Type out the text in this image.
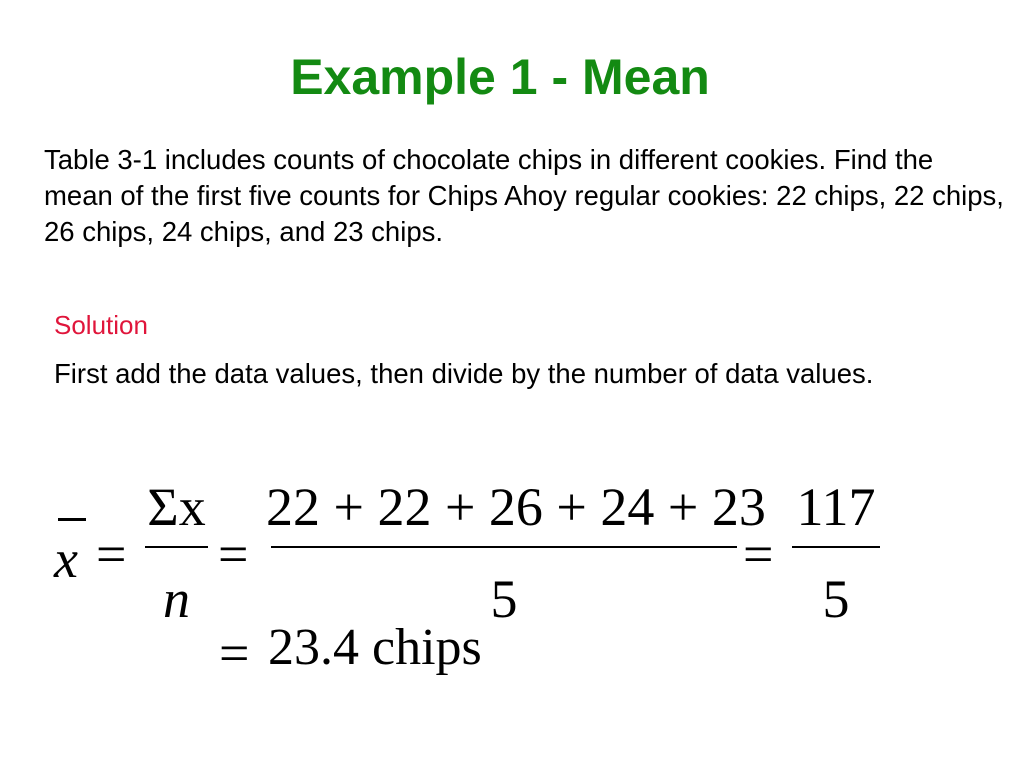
Example 1 - Mean

Table 3-1 includes counts of chocolate chips in different cookies. Find the mean of the first five counts for Chips Ahoy regular cookies: 22 chips, 22 chips, 26 chips, 24 chips, and 23 chips.

Solution

First add the data values, then divide by the number of data values.

x =
Σx
n
=
22 + 22 + 26 + 24 + 23
5
=
117
5
= 23.4 chips
